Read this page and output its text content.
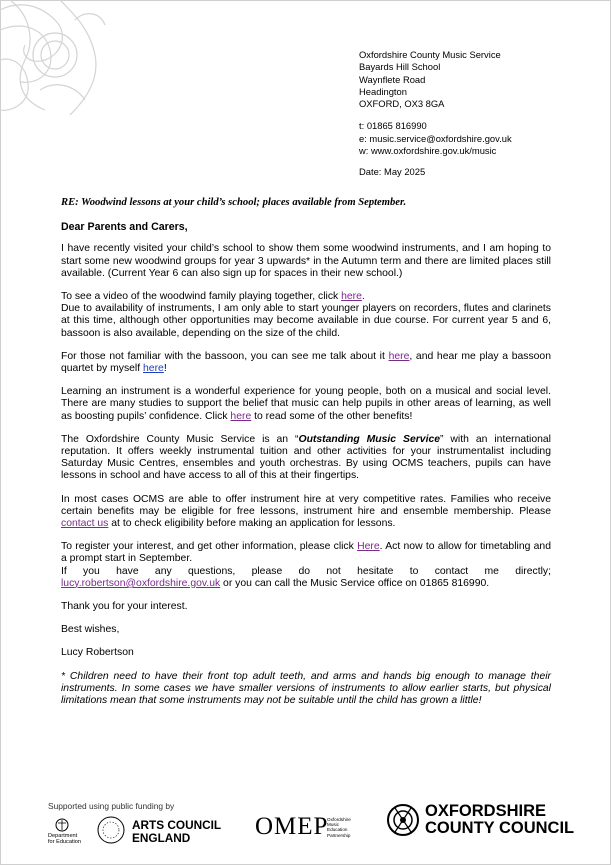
Oxfordshire County Music Service
Bayards Hill School
Waynflete Road
Headington
OXFORD, OX3 8GA
t: 01865 816990
e: music.service@oxfordshire.gov.uk
w: www.oxfordshire.gov.uk/music
Date: May 2025
RE: Woodwind lessons at your child’s school; places available from September.
Dear Parents and Carers,

I have recently visited your child’s school to show them some woodwind instruments, and I am hoping to start some new woodwind groups for year 3 upwards* in the Autumn term and there are limited places still available. (Current Year 6 can also sign up for spaces in their new school.)

To see a video of the woodwind family playing together, click here.

Due to availability of instruments, I am only able to start younger players on recorders, flutes and clarinets at this time, although other opportunities may become available in due course. For current year 5 and 6, bassoon is also available, depending on the size of the child.

For those not familiar with the bassoon, you can see me talk about it here, and hear me play a bassoon quartet by myself here!

Learning an instrument is a wonderful experience for young people, both on a musical and social level. There are many studies to support the belief that music can help pupils in other areas of learning, as well as boosting pupils’ confidence. Click here to read some of the other benefits!

The Oxfordshire County Music Service is an “Outstanding Music Service” with an international reputation. It offers weekly instrumental tuition and other activities for your instrumentalist including Saturday Music Centres, ensembles and youth orchestras. By using OCMS teachers, pupils can have lessons in school and have access to all of this at their fingertips.

In most cases OCMS are able to offer instrument hire at very competitive rates. Families who receive certain benefits may be eligible for free lessons, instrument hire and ensemble membership. Please contact us at to check eligibility before making an application for lessons.

To register your interest, and get other information, please click Here. Act now to allow for timetabling and a prompt start in September.

If you have any questions, please do not hesitate to contact me directly; lucy.robertson@oxfordshire.gov.uk or you can call the Music Service office on 01865 816990.

Thank you for your interest.

Best wishes,

Lucy Robertson

* Children need to have their front top adult teeth, and arms and hands big enough to manage their instruments. In some cases we have smaller versions of instruments to allow earlier starts, but physical limitations mean that some instruments may not be suitable until the child has grown a little!

Supported using public funding by
Department
for Education
ARTS COUNCIL
ENGLAND	OMEP
Oxfordshire
Music
Education
Partnership
OXFORDSHIRE
COUNTY COUNCIL
